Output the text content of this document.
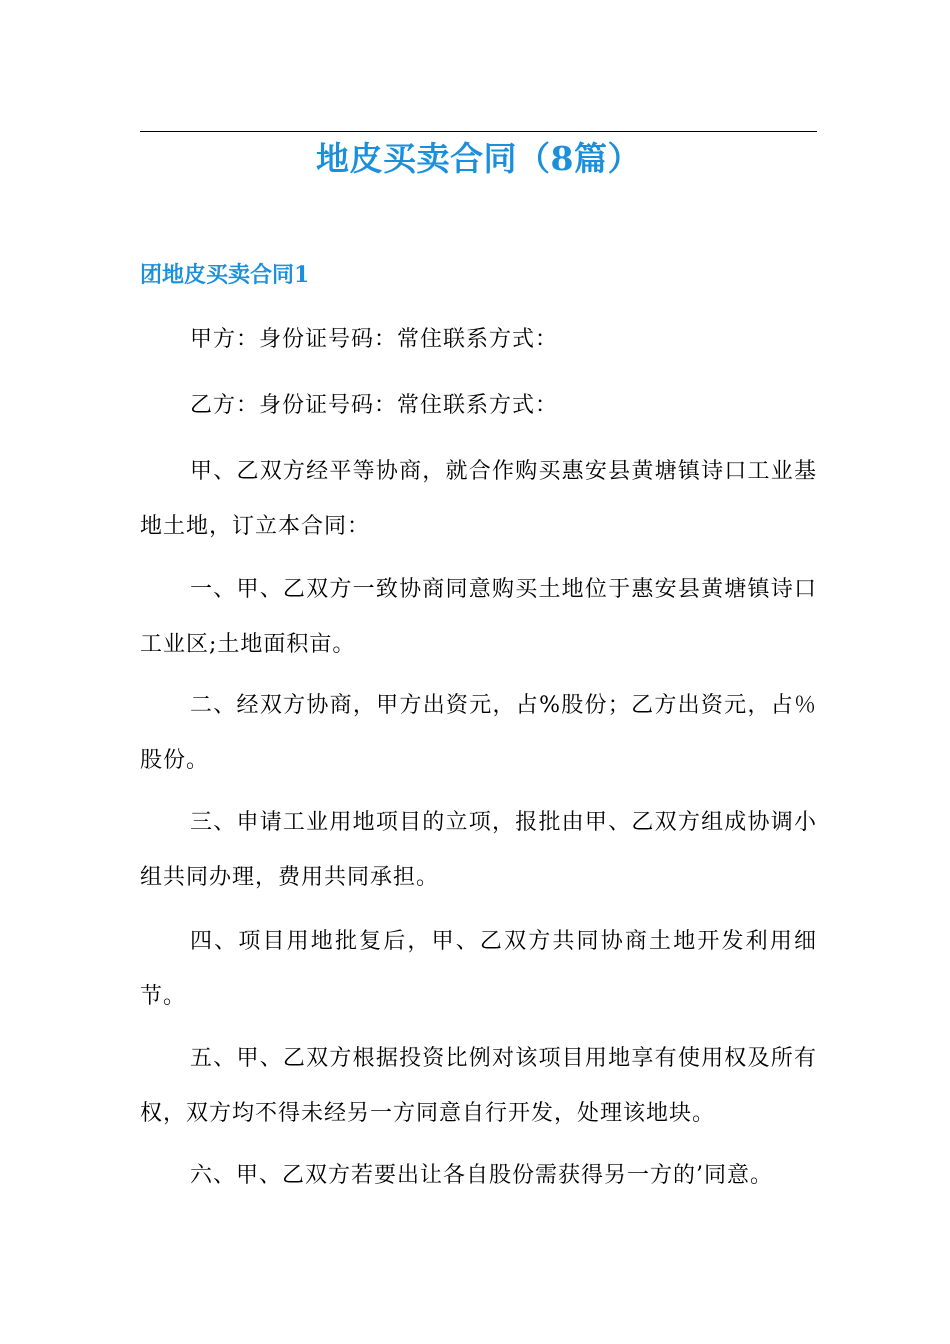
地皮买卖合同（8篇）
团地皮买卖合同1

甲方：身份证号码：常住联系方式：

乙方：身份证号码：常住联系方式：

甲、乙双方经平等协商，就合作购买惠安县黄塘镇诗口工业基地土地，订立本合同：

一、甲、乙双方一致协商同意购买土地位于惠安县黄塘镇诗口工业区;土地面积亩。

二、经双方协商，甲方出资元，占%股份；乙方出资元，占％股份。

三、申请工业用地项目的立项，报批由甲、乙双方组成协调小组共同办理，费用共同承担。

四、项目用地批复后，甲、乙双方共同协商土地开发利用细节。

五、甲、乙双方根据投资比例对该项目用地享有使用权及所有权，双方均不得未经另一方同意自行开发，处理该地块。

六、甲、乙双方若要出让各自股份需获得另一方的’同意。
